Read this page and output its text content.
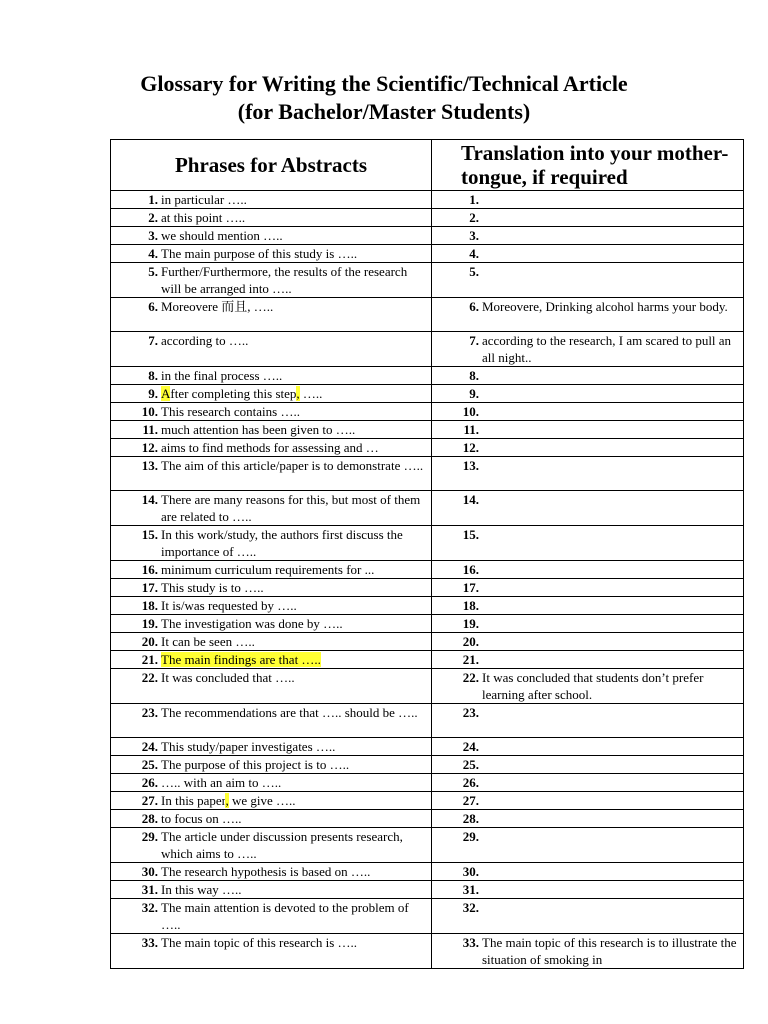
Glossary for Writing the Scientific/Technical Article
(for Bachelor/Master Students)
Phrases for Abstracts	Translation into your mother-tongue, if required

1. in particular …..	1.

2. at this point …..	2.

3. we should mention …..	3.

4. The main purpose of this study is …..	4.

5. Further/Furthermore, the results of the research will be arranged into …..	5.

6. Moreovere 而且, …..	6. Moreovere, Drinking alcohol harms your body.

7. according to …..	7. according to the research, I am scared to pull an all night..

8. in the final process …..	8.

9. After completing this step, …..	9.

10. This research contains …..	10.

11. much attention has been given to …..	11.

12. aims to find methods for assessing and …	12.

13. The aim of this article/paper is to demonstrate …..	13.

14. There are many reasons for this, but most of them are related to …..	14.

15. In this work/study, the authors first discuss the importance of …..	15.

16. minimum curriculum requirements for ...	16.

17. This study is to …..	17.

18. It is/was requested by …..	18.

19. The investigation was done by …..	19.

20. It can be seen …..	20.

21. The main findings are that …..	21.

22. It was concluded that …..	22. It was concluded that students don’t prefer learning after school.

23. The recommendations are that ….. should be …..	23.

24. This study/paper investigates …..	24.

25. The purpose of this project is to …..	25.

26. ….. with an aim to …..	26.

27. In this paper, we give …..	27.

28. to focus on …..	28.

29. The article under discussion presents research, which aims to …..	29.

30. The research hypothesis is based on …..	30.

31. In this way …..	31.

32. The main attention is devoted to the problem of …..	32.

33. The main topic of this research is …..	33. The main topic of this research is to illustrate the situation of smoking in
